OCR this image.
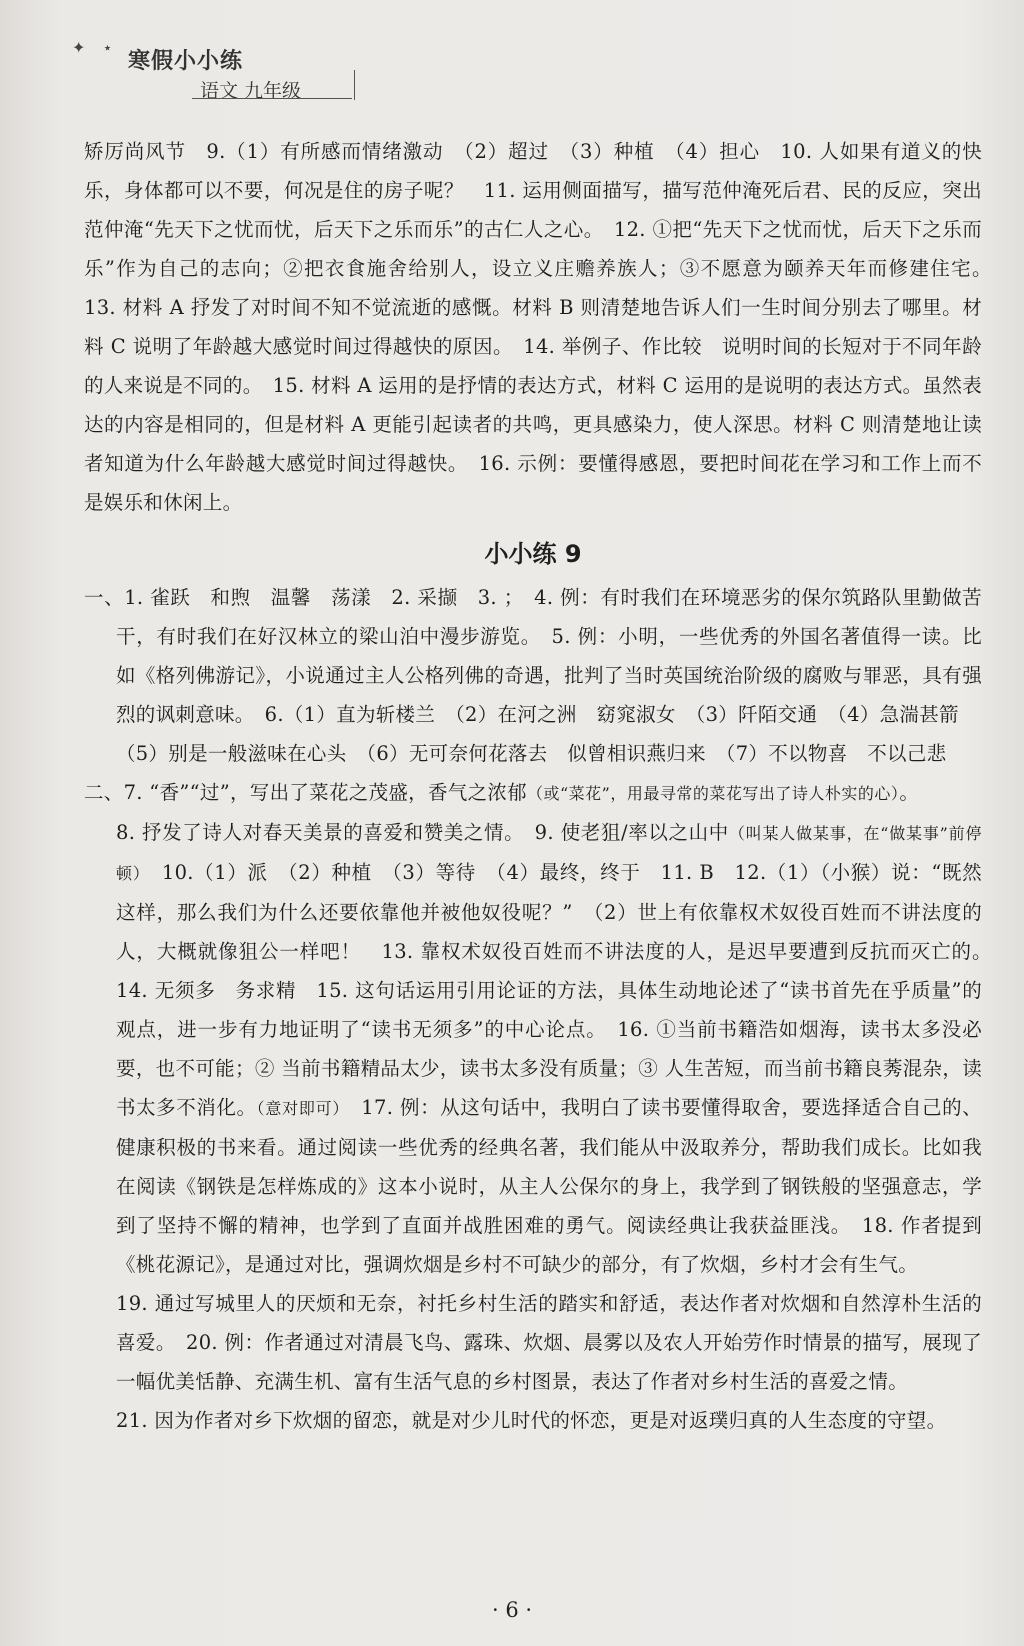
✦ ⋆
寒假小小练
语文 九年级

矫厉尚风节　9.（1）有所感而情绪激动　（2）超过　（3）种植　（4）担心　10. 人如果有道义的快乐，身体都可以不要，何况是住的房子呢？　11. 运用侧面描写，描写范仲淹死后君、民的反应，突出范仲淹“先天下之忧而忧，后天下之乐而乐”的古仁人之心。　12. ①把“先天下之忧而忧，后天下之乐而乐”作为自己的志向；②把衣食施舍给别人，设立义庄赡养族人；③不愿意为颐养天年而修建住宅。　13. 材料 A 抒发了对时间不知不觉流逝的感慨。材料 B 则清楚地告诉人们一生时间分别去了哪里。材料 C 说明了年龄越大感觉时间过得越快的原因。　14. 举例子、作比较　说明时间的长短对于不同年龄的人来说是不同的。　15. 材料 A 运用的是抒情的表达方式，材料 C 运用的是说明的表达方式。虽然表达的内容是相同的，但是材料 A 更能引起读者的共鸣，更具感染力，使人深思。材料 C 则清楚地让读者知道为什么年龄越大感觉时间过得越快。　16. 示例：要懂得感恩，要把时间花在学习和工作上而不是娱乐和休闲上。

小小练 9

一、1. 雀跃　和煦　温馨　荡漾　2. 采撷　3. ；　4. 例：有时我们在环境恶劣的保尔筑路队里勤做苦干，有时我们在好汉林立的梁山泊中漫步游览。　5. 例：小明，一些优秀的外国名著值得一读。比如《格列佛游记》，小说通过主人公格列佛的奇遇，批判了当时英国统治阶级的腐败与罪恶，具有强烈的讽刺意味。　6.（1）直为斩楼兰　（2）在河之洲　窈窕淑女　（3）阡陌交通　（4）急湍甚箭

（5）别是一般滋味在心头　（6）无可奈何花落去　似曾相识燕归来　（7）不以物喜　不以己悲

二、7. “香”“过”，写出了菜花之茂盛，香气之浓郁（或“菜花”，用最寻常的菜花写出了诗人朴实的心）。

8. 抒发了诗人对春天美景的喜爱和赞美之情。　9. 使老狙/率以之山中（叫某人做某事，在“做某事”前停顿）　10.（1）派　（2）种植　（3）等待　（4）最终，终于　11. B　12.（1）（小猴）说：“既然这样，那么我们为什么还要依靠他并被他奴役呢？”　（2）世上有依靠权术奴役百姓而不讲法度的人，大概就像狙公一样吧！　13. 靠权术奴役百姓而不讲法度的人，是迟早要遭到反抗而灭亡的。　14. 无须多　务求精　15. 这句话运用引用论证的方法，具体生动地论述了“读书首先在乎质量”的观点，进一步有力地证明了“读书无须多”的中心论点。　16. ①当前书籍浩如烟海，读书太多没必要，也不可能；② 当前书籍精品太少，读书太多没有质量；③ 人生苦短，而当前书籍良莠混杂，读书太多不消化。（意对即可）　17. 例：从这句话中，我明白了读书要懂得取舍，要选择适合自己的、健康积极的书来看。通过阅读一些优秀的经典名著，我们能从中汲取养分，帮助我们成长。比如我在阅读《钢铁是怎样炼成的》这本小说时，从主人公保尔的身上，我学到了钢铁般的坚强意志，学到了坚持不懈的精神，也学到了直面并战胜困难的勇气。阅读经典让我获益匪浅。　18. 作者提到《桃花源记》，是通过对比，强调炊烟是乡村不可缺少的部分，有了炊烟，乡村才会有生气。

19. 通过写城里人的厌烦和无奈，衬托乡村生活的踏实和舒适，表达作者对炊烟和自然淳朴生活的喜爱。　20. 例：作者通过对清晨飞鸟、露珠、炊烟、晨雾以及农人开始劳作时情景的描写，展现了一幅优美恬静、充满生机、富有生活气息的乡村图景，表达了作者对乡村生活的喜爱之情。

21. 因为作者对乡下炊烟的留恋，就是对少儿时代的怀恋，更是对返璞归真的人生态度的守望。

· 6 ·
